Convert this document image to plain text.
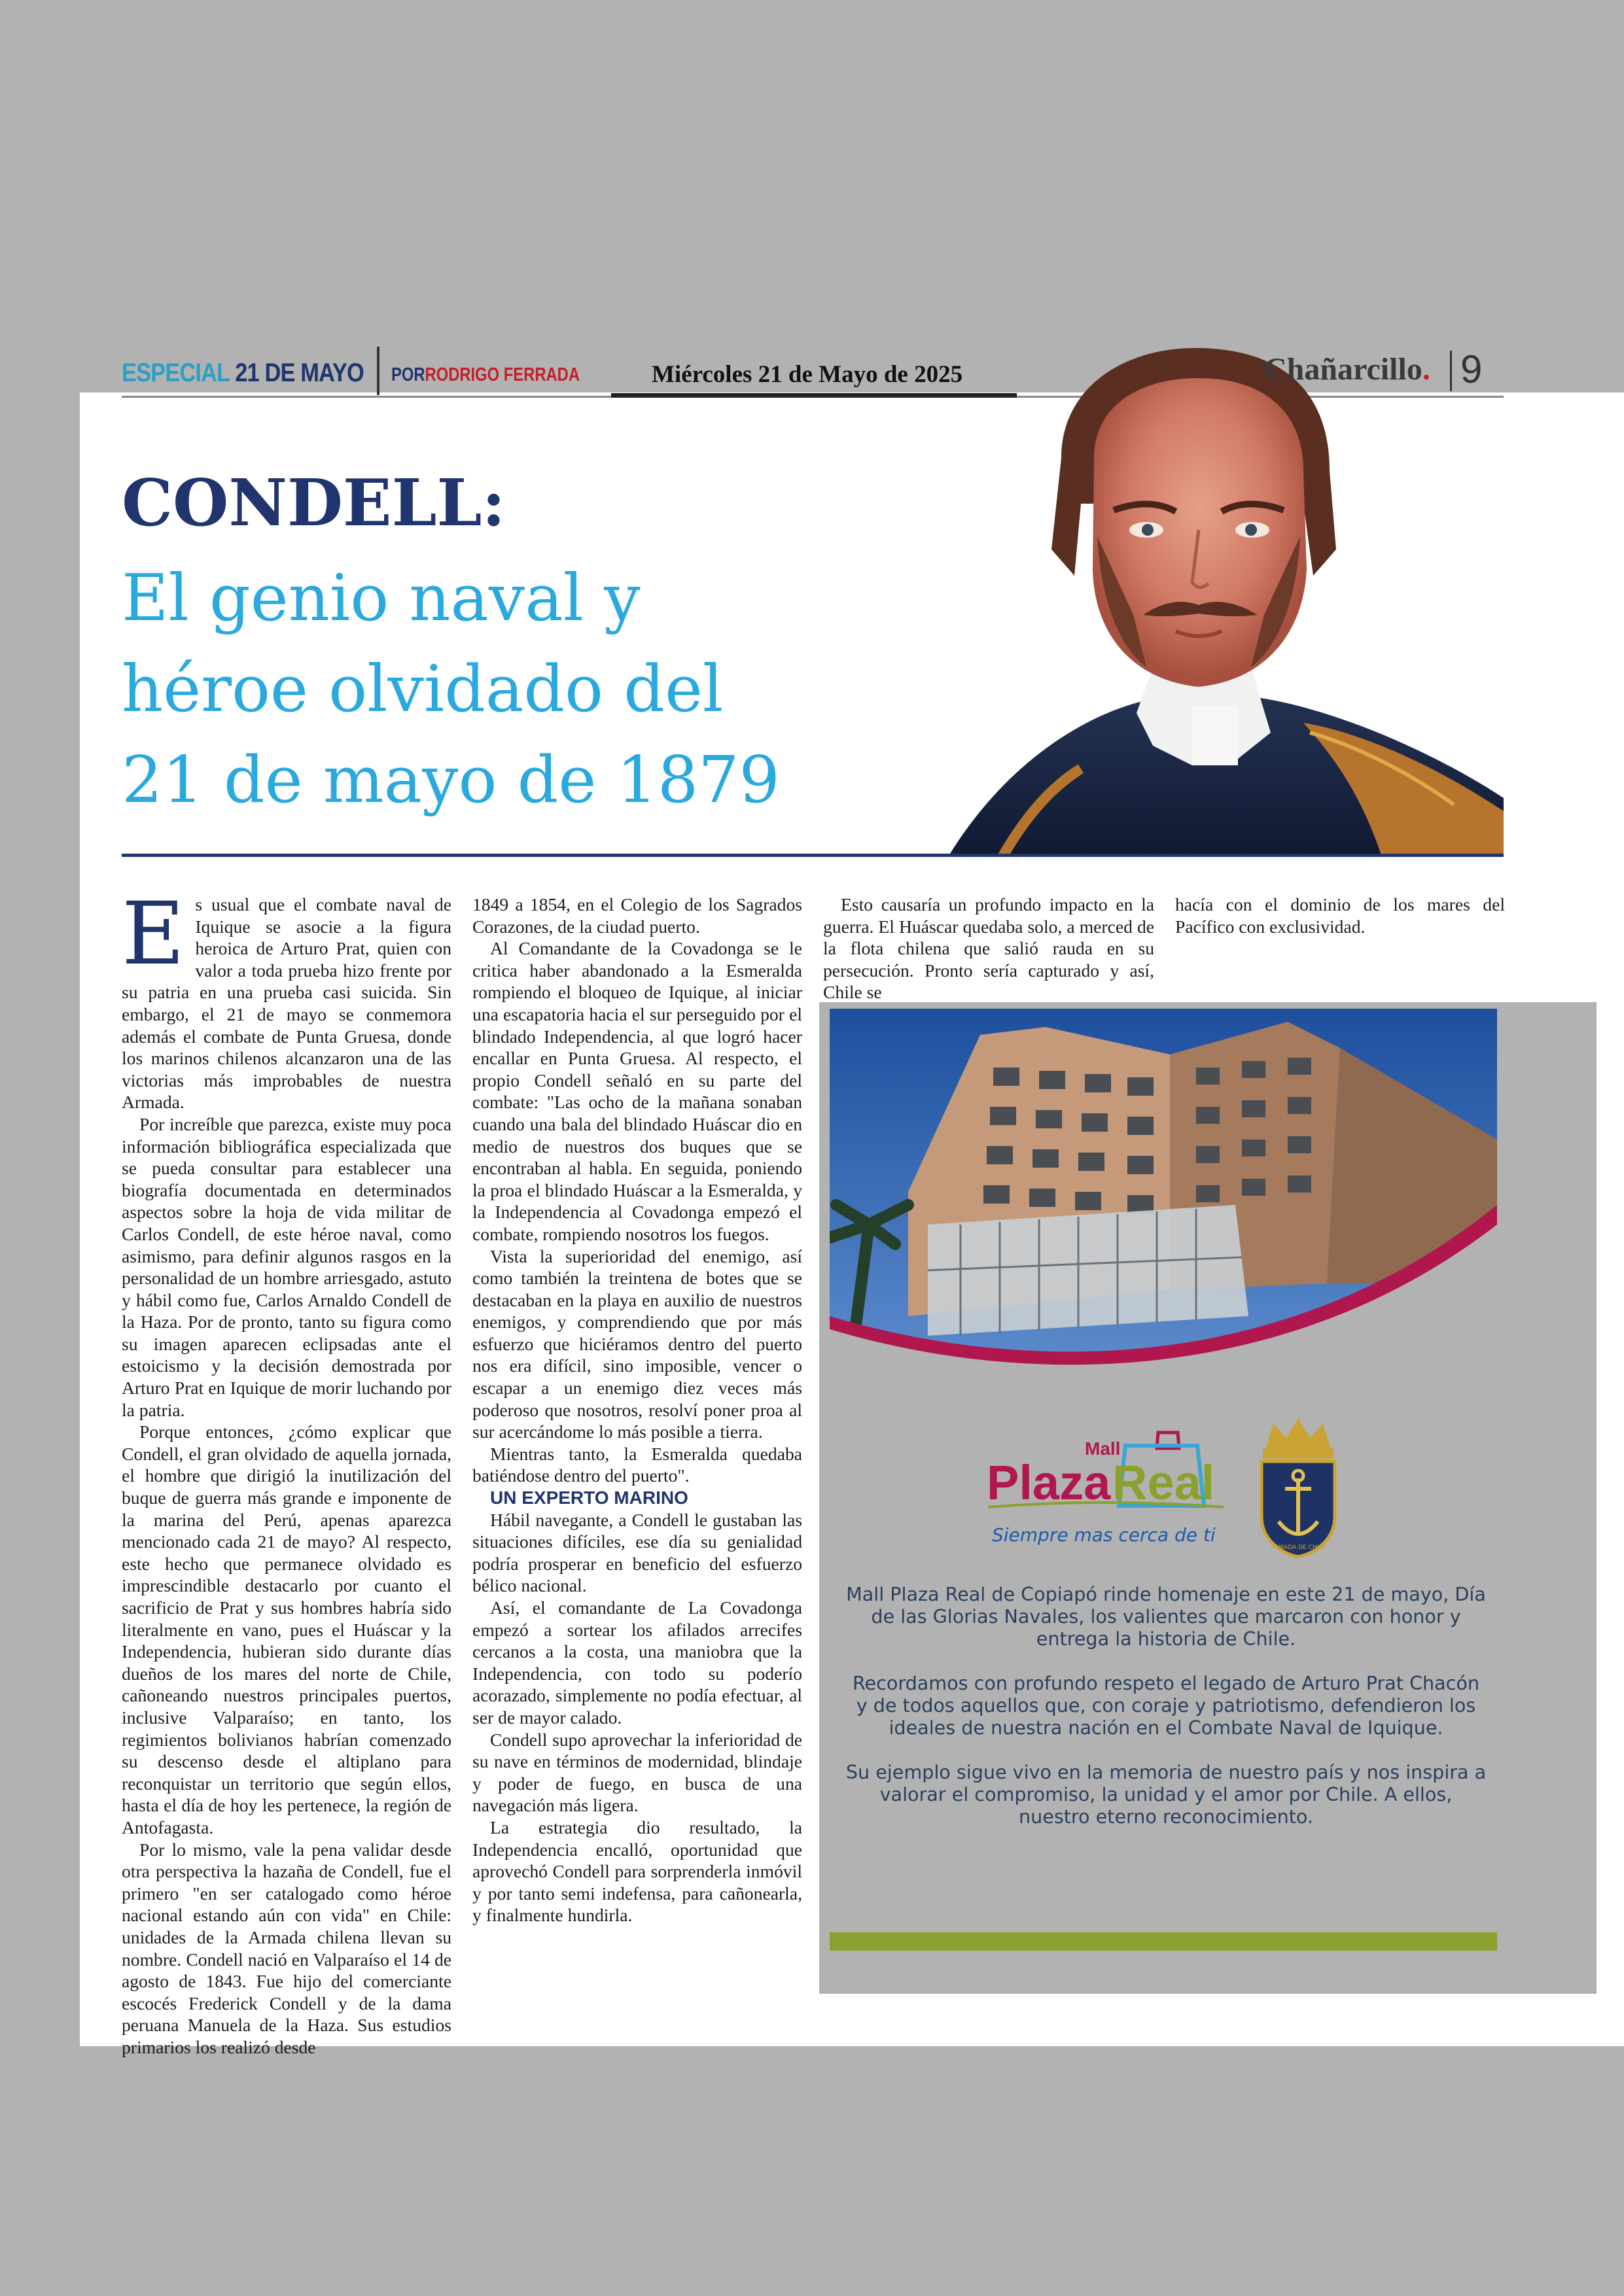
ESPECIAL 21 DE MAYO PORRODRIGO FERRADA	Miércoles 21 de Mayo de 2025	Chañarcillo. 9
CONDELL:
El genio naval y
héroe olvidado del
21 de mayo de 1879
E s usual que el combate naval de Iquique se asocie a la figura heroica de Arturo Prat, quien con valor a toda prueba hizo frente por su patria en una prueba casi suicida. Sin embargo, el 21 de mayo se conmemora además el combate de Punta Gruesa, donde los marinos chilenos alcanzaron una de las victorias más improbables de nuestra Armada.

Por increíble que parezca, existe muy poca información bibliográfica especializada que se pueda consultar para establecer una biografía documentada en determinados aspectos sobre la hoja de vida militar de Carlos Condell, de este héroe naval, como asimismo, para definir algunos rasgos en la personalidad de un hombre arriesgado, astuto y hábil como fue, Carlos Arnaldo Condell de la Haza. Por de pronto, tanto su figura como su imagen aparecen eclipsadas ante el estoicismo y la decisión demostrada por Arturo Prat en Iquique de morir luchando por la patria.

Porque entonces, ¿cómo explicar que Condell, el gran olvidado de aquella jornada, el hombre que dirigió la inutilización del buque de guerra más grande e imponente de la marina del Perú, apenas aparezca mencionado cada 21 de mayo? Al respecto, este hecho que permanece olvidado es imprescindible destacarlo por cuanto el sacrificio de Prat y sus hombres habría sido literalmente en vano, pues el Huáscar y la Independencia, hubieran sido durante días dueños de los mares del norte de Chile, cañoneando nuestros principales puertos, inclusive Valparaíso; en tanto, los regimientos bolivianos habrían comenzado su descenso desde el altiplano para reconquistar un territorio que según ellos, hasta el día de hoy les pertenece, la región de Antofagasta.

Por lo mismo, vale la pena validar desde otra perspectiva la hazaña de Condell, fue el primero "en ser catalogado como héroe nacional estando aún con vida" en Chile: unidades de la Armada chilena llevan su nombre. Condell nació en Valparaíso el 14 de agosto de 1843. Fue hijo del comerciante escocés Frederick Condell y de la dama peruana Manuela de la Haza. Sus estudios primarios los realizó desde

1849 a 1854, en el Colegio de los Sagrados Corazones, de la ciudad puerto.

Al Comandante de la Covadonga se le critica haber abandonado a la Esmeralda rompiendo el bloqueo de Iquique, al iniciar una escapatoria hacia el sur perseguido por el blindado Independencia, al que logró hacer encallar en Punta Gruesa. Al respecto, el propio Condell señaló en su parte del combate: "Las ocho de la mañana sonaban cuando una bala del blindado Huáscar dio en medio de nuestros dos buques que se encontraban al habla. En seguida, poniendo la proa el blindado Huáscar a la Esmeralda, y la Independencia al Covadonga empezó el combate, rompiendo nosotros los fuegos.

Vista la superioridad del enemigo, así como también la treintena de botes que se destacaban en la playa en auxilio de nuestros enemigos, y comprendiendo que por más esfuerzo que hiciéramos dentro del puerto nos era difícil, sino imposible, vencer o escapar a un enemigo diez veces más poderoso que nosotros, resolví poner proa al sur acercándome lo más posible a tierra.

Mientras tanto, la Esmeralda quedaba batiéndose dentro del puerto".

UN EXPERTO MARINO

Hábil navegante, a Condell le gustaban las situaciones difíciles, ese día su genialidad podría prosperar en beneficio del esfuerzo bélico nacional.

Así, el comandante de La Covadonga empezó a sortear los afilados arrecifes cercanos a la costa, una maniobra que la Independencia, con todo su poderío acorazado, simplemente no podía efectuar, al ser de mayor calado.

Condell supo aprovechar la inferioridad de su nave en términos de modernidad, blindaje y poder de fuego, en busca de una navegación más ligera.

La estrategia dio resultado, la Independencia encalló, oportunidad que aprovechó Condell para sorprenderla inmóvil y por tanto semi indefensa, para cañonearla, y finalmente hundirla.

Esto causaría un profundo impacto en la guerra. El Huáscar quedaba solo, a merced de la flota chilena que salió rauda en su persecución. Pronto sería capturado y así, Chile se

hacía con el dominio de los mares del Pacífico con exclusividad.

Mall
Plaza Real
Siempre mas cerca de ti
ARMADA DE CHILE

Mall Plaza Real de Copiapó rinde homenaje en este 21 de mayo, Día de las Glorias Navales, los valientes que marcaron con honor y entrega la historia de Chile.

Recordamos con profundo respeto el legado de Arturo Prat Chacón y de todos aquellos que, con coraje y patriotismo, defendieron los ideales de nuestra nación en el Combate Naval de Iquique.

Su ejemplo sigue vivo en la memoria de nuestro país y nos inspira a valorar el compromiso, la unidad y el amor por Chile. A ellos, nuestro eterno reconocimiento.
